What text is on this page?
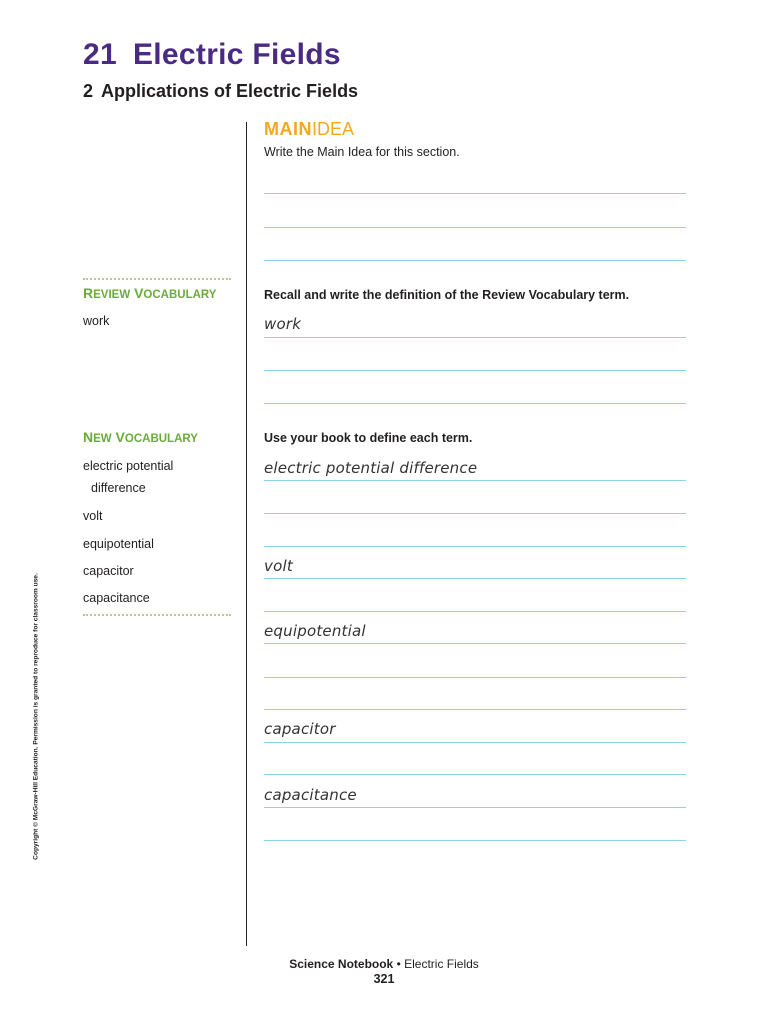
21 Electric Fields
2 Applications of Electric Fields
MAINIDEA
Write the Main Idea for this section.
REVIEW VOCABULARY
work
Recall and write the definition of the Review Vocabulary term.
work
NEW VOCABULARY
electric potential
difference
volt
equipotential
capacitor
capacitance
Use your book to define each term.
electric potential difference
volt
equipotential
capacitor
capacitance
Copyright © McGraw-Hill Education. Permission is granted to reproduce for classroom use.
Science Notebook • Electric Fields
321
